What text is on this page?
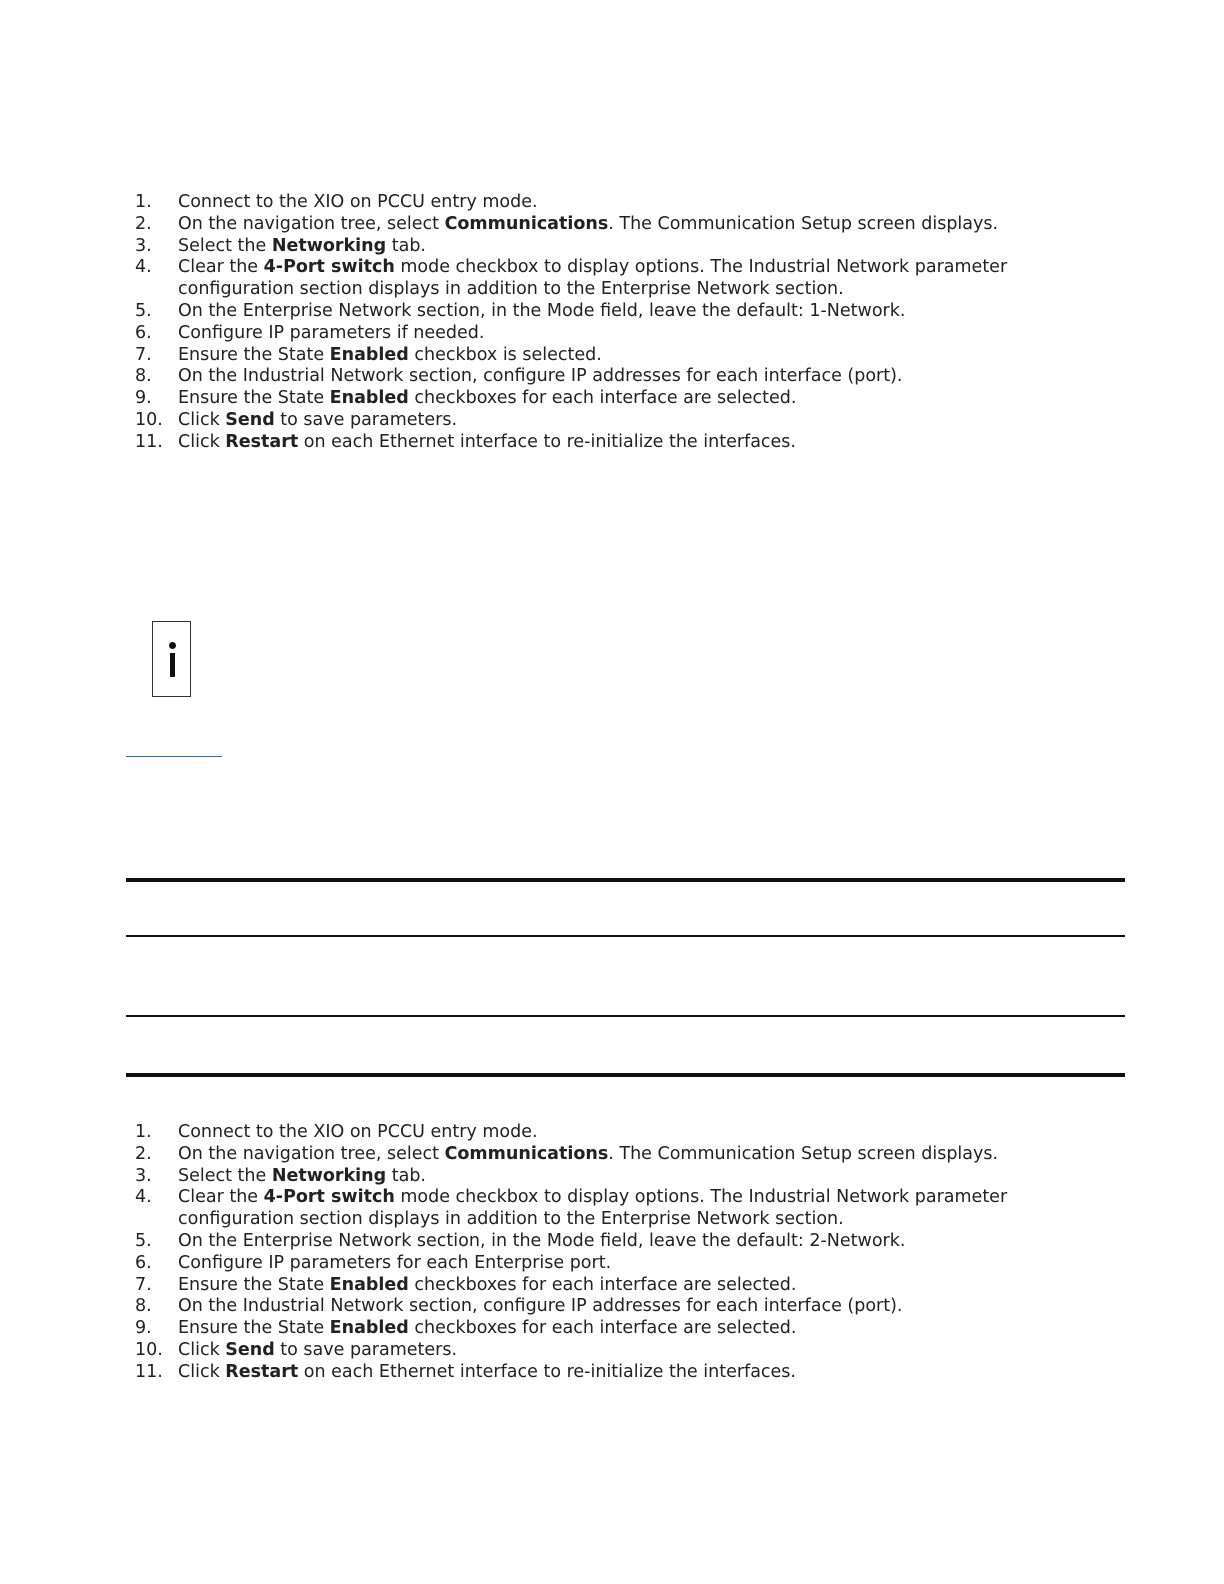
1. Connect to the XIO on PCCU entry mode.
2. On the navigation tree, select Communications. The Communication Setup screen displays.
3. Select the Networking tab.
4. Clear the 4-Port switch mode checkbox to display options. The Industrial Network parameter configuration section displays in addition to the Enterprise Network section.
5. On the Enterprise Network section, in the Mode field, leave the default: 1-Network.
6. Configure IP parameters if needed.
7. Ensure the State Enabled checkbox is selected.
8. On the Industrial Network section, configure IP addresses for each interface (port).
9. Ensure the State Enabled checkboxes for each interface are selected.
10. Click Send to save parameters.
11. Click Restart on each Ethernet interface to re-initialize the interfaces.
1. Connect to the XIO on PCCU entry mode.
2. On the navigation tree, select Communications. The Communication Setup screen displays.
3. Select the Networking tab.
4. Clear the 4-Port switch mode checkbox to display options. The Industrial Network parameter configuration section displays in addition to the Enterprise Network section.
5. On the Enterprise Network section, in the Mode field, leave the default: 2-Network.
6. Configure IP parameters for each Enterprise port.
7. Ensure the State Enabled checkboxes for each interface are selected.
8. On the Industrial Network section, configure IP addresses for each interface (port).
9. Ensure the State Enabled checkboxes for each interface are selected.
10. Click Send to save parameters.
11. Click Restart on each Ethernet interface to re-initialize the interfaces.
